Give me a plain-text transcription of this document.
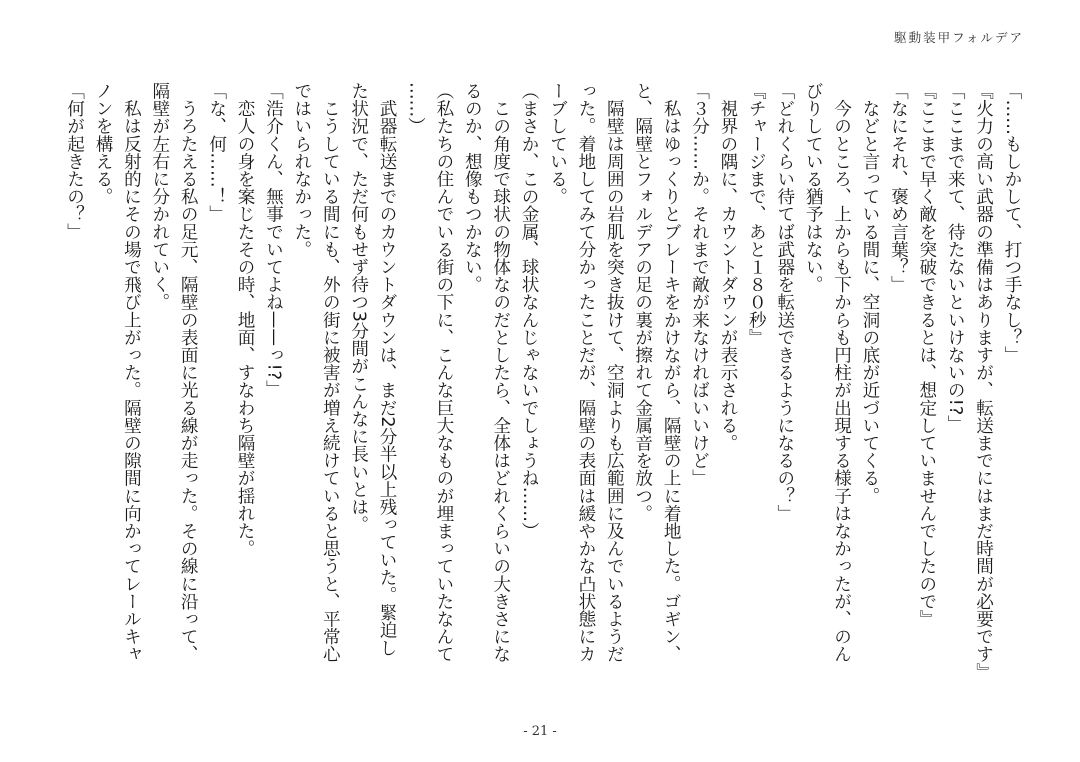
駆動装甲フォルデア
「……もしかして、打つ手なし？」
『火力の高い武器の準備はありますが、転送までにはまだ時間が必要です』
「ここまで来て、待たないといけないの!?」
『ここまで早く敵を突破できるとは、想定していませんでしたので』
「なにそれ、褒め言葉？」
　などと言っている間に、空洞の底が近づいてくる。
　今のところ、上からも下からも円柱が出現する様子はなかったが、のん
びりしている猶予はない。
「どれくらい待てば武器を転送できるようになるの？」
『チャージまで、あと１８０秒』
　視界の隅に、カウントダウンが表示される。
「３分……か。それまで敵が来なければいいけど」
　私はゆっくりとブレーキをかけながら、隔壁の上に着地した。ゴギン、
と、隔壁とフォルデアの足の裏が擦れて金属音を放つ。
　隔壁は周囲の岩肌を突き抜けて、空洞よりも広範囲に及んでいるようだ
った。着地してみて分かったことだが、隔壁の表面は緩やかな凸状態にカ
ーブしている。
（まさか、この金属、球状なんじゃないでしょうね……）
　この角度で球状の物体なのだとしたら、全体はどれくらいの大きさにな
るのか、想像もつかない。
（私たちの住んでいる街の下に、こんな巨大なものが埋まっていたなんて
……）
　武器転送までのカウントダウンは、まだ2分半以上残っていた。緊迫し
た状況で、ただ何もせず待つ3分間がこんなに長いとは。
　こうしている間にも、外の街に被害が増え続けていると思うと、平常心
ではいられなかった。
「浩介くん、無事でいてよね——っ!?」
　恋人の身を案じたその時、地面、すなわち隔壁が揺れた。
「な、何……！」
　うろたえる私の足元、隔壁の表面に光る線が走った。その線に沿って、
隔壁が左右に分かれていく。
　私は反射的にその場で飛び上がった。隔壁の隙間に向かってレールキャ
ノンを構える。
「何が起きたの？」
- 21 -
